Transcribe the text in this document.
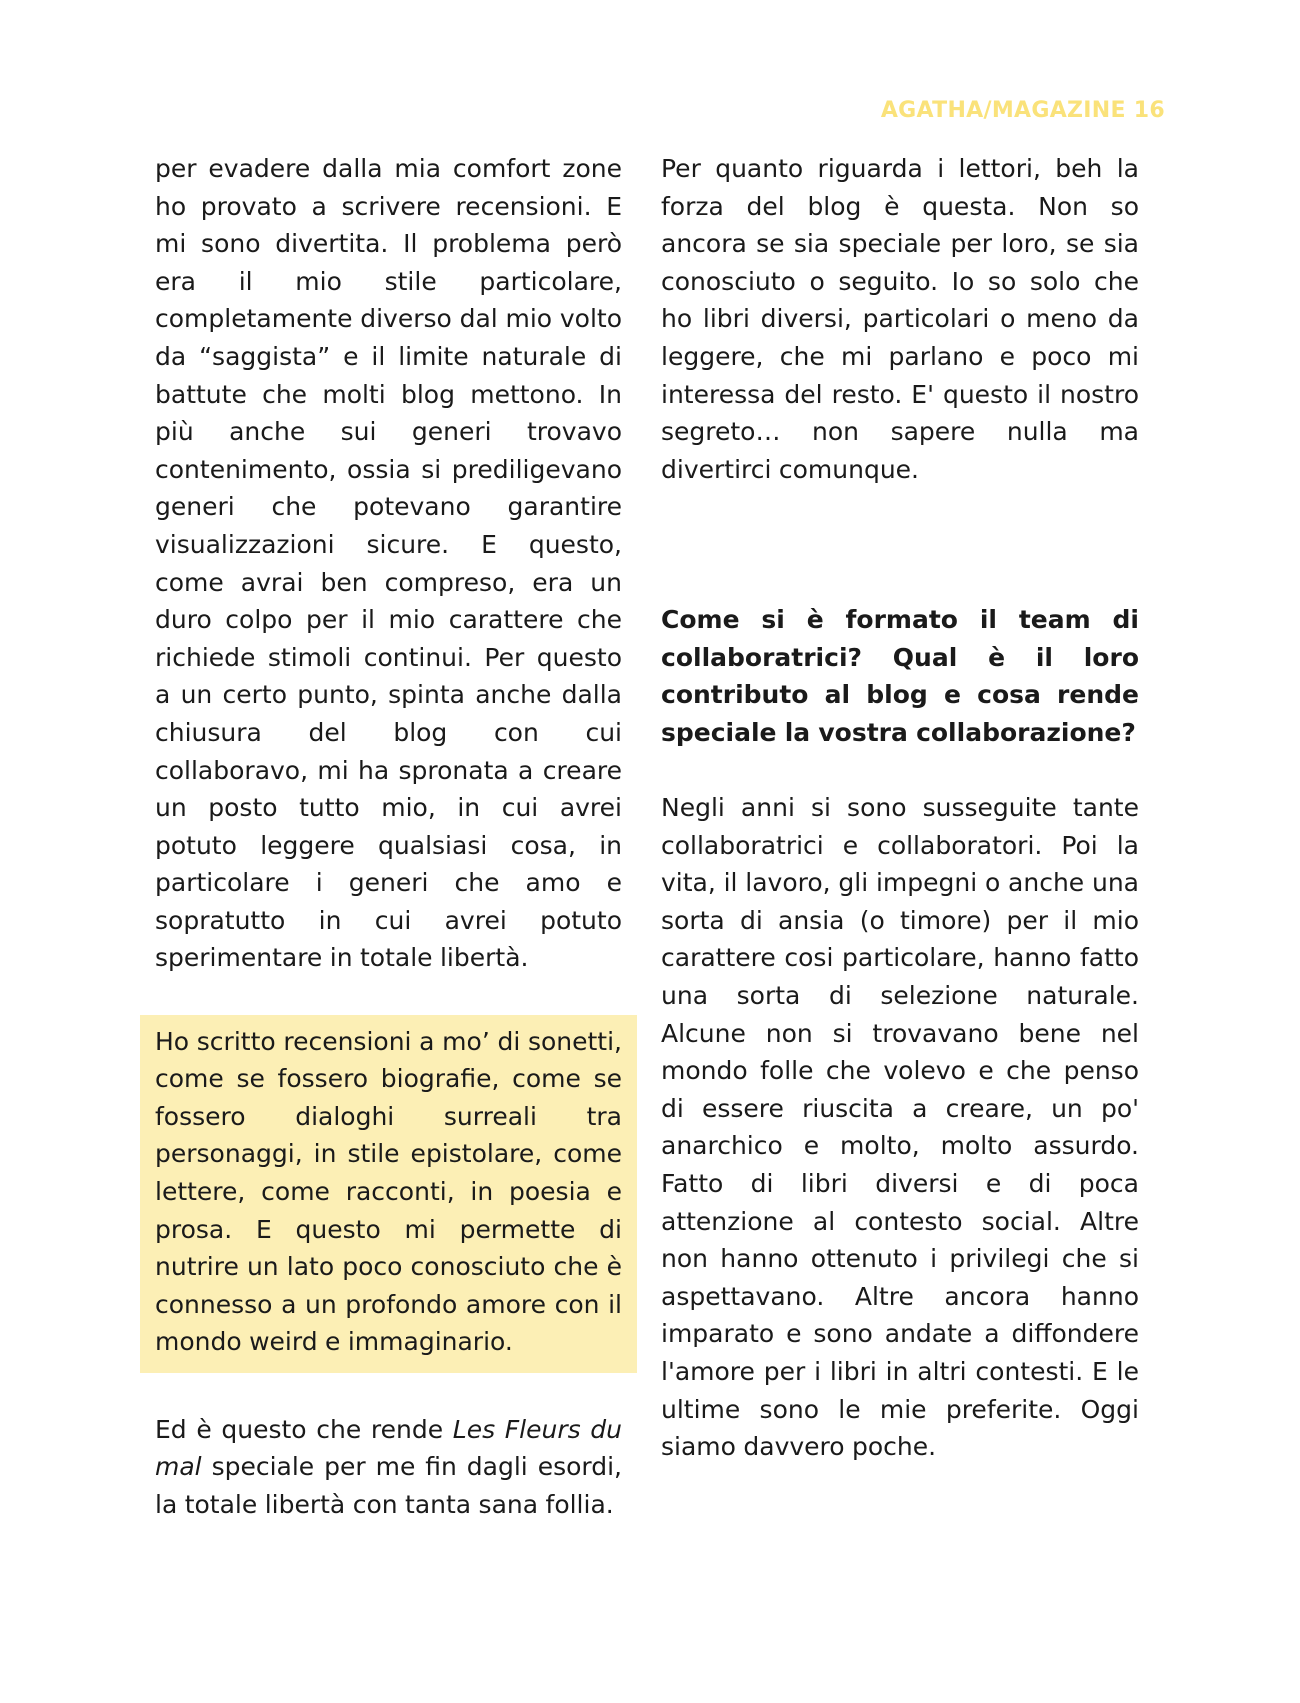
AGATHA/MAGAZINE 16

per evadere dalla mia comfort zone ho provato a scrivere recensioni. E mi sono divertita. Il problema però era il mio stile particolare, completamente diverso dal mio volto da “saggista” e il limite naturale di battute che molti blog mettono. In più anche sui generi trovavo contenimento, ossia si prediligevano generi che potevano garantire visualizzazioni sicure. E questo, come avrai ben compreso, era un duro colpo per il mio carattere che richiede stimoli continui. Per questo a un certo punto, spinta anche dalla chiusura del blog con cui collaboravo, mi ha spronata a creare un posto tutto mio, in cui avrei potuto leggere qualsiasi cosa, in particolare i generi che amo e sopratutto in cui avrei potuto sperimentare in totale libertà.

Ho scritto recensioni a mo’ di sonetti, come se fossero biografie, come se fossero dialoghi surreali tra personaggi, in stile epistolare, come lettere, come racconti, in poesia e prosa. E questo mi permette di nutrire un lato poco conosciuto che è connesso a un profondo amore con il mondo weird e immaginario.

Ed è questo che rende Les Fleurs du mal speciale per me fin dagli esordi, la totale libertà con tanta sana follia.

Per quanto riguarda i lettori, beh la forza del blog è questa. Non so ancora se sia speciale per loro, se sia conosciuto o seguito. Io so solo che ho libri diversi, particolari o meno da leggere, che mi parlano e poco mi interessa del resto. E' questo il nostro segreto… non sapere nulla ma divertirci comunque.

Come si è formato il team di collaboratrici? Qual è il loro contributo al blog e cosa rende speciale la vostra collaborazione?

Negli anni si sono susseguite tante collaboratrici e collaboratori. Poi la vita, il lavoro, gli impegni o anche una sorta di ansia (o timore) per il mio carattere cosi particolare, hanno fatto una sorta di selezione naturale. Alcune non si trovavano bene nel mondo folle che volevo e che penso di essere riuscita a creare, un po' anarchico e molto, molto assurdo. Fatto di libri diversi e di poca attenzione al contesto social. Altre non hanno ottenuto i privilegi che si aspettavano. Altre ancora hanno imparato e sono andate a diffondere l'amore per i libri in altri contesti. E le ultime sono le mie preferite. Oggi siamo davvero poche.
